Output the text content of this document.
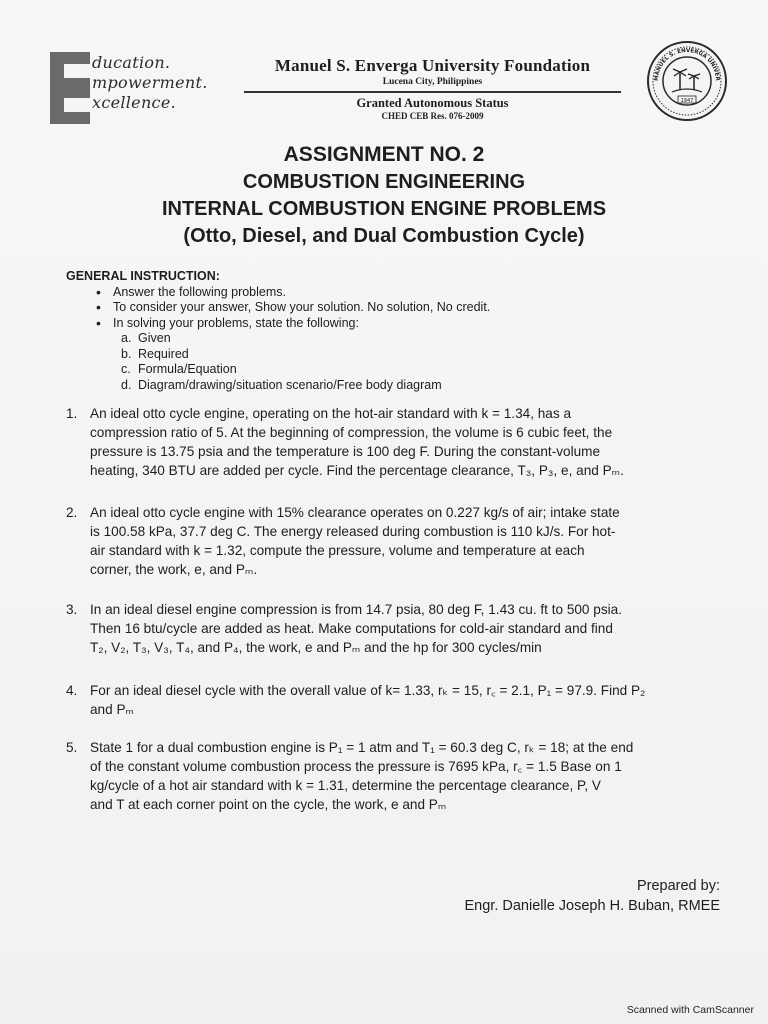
ducation.
mpowerment.
xcellence.
Manuel S. Enverga University Foundation
Lucena City, Philippines
Granted Autonomous Status
CHED CEB Res. 076-2009
MANUEL S. ENVERGA UNIVER
1947
ASSIGNMENT NO. 2
COMBUSTION ENGINEERING
INTERNAL COMBUSTION ENGINE PROBLEMS
(Otto, Diesel, and Dual Combustion Cycle)
GENERAL INSTRUCTION:
• Answer the following problems.
• To consider your answer, Show your solution. No solution, No credit.
• In solving your problems, state the following:
a. Given
b. Required
c. Formula/Equation
d. Diagram/drawing/situation scenario/Free body diagram
1. An ideal otto cycle engine, operating on the hot-air standard with k = 1.34, has a
compression ratio of 5. At the beginning of compression, the volume is 6 cubic feet, the
pressure is 13.75 psia and the temperature is 100 deg F. During the constant-volume
heating, 340 BTU are added per cycle. Find the percentage clearance, T₃, P₃, e, and Pₘ.
2. An ideal otto cycle engine with 15% clearance operates on 0.227 kg/s of air; intake state
is 100.58 kPa, 37.7 deg C. The energy released during combustion is 110 kJ/s. For hot-
air standard with k = 1.32, compute the pressure, volume and temperature at each
corner, the work, e, and Pₘ.
3. In an ideal diesel engine compression is from 14.7 psia, 80 deg F, 1.43 cu. ft to 500 psia.
Then 16 btu/cycle are added as heat. Make computations for cold-air standard and find
T₂, V₂, T₃, V₃, T₄, and P₄, the work, e and Pₘ and the hp for 300 cycles/min
4. For an ideal diesel cycle with the overall value of k= 1.33, rₖ = 15, r꜀ = 2.1, P₁ = 97.9. Find P₂
and Pₘ
5. State 1 for a dual combustion engine is P₁ = 1 atm and T₁ = 60.3 deg C, rₖ = 18; at the end
of the constant volume combustion process the pressure is 7695 kPa, r꜀ = 1.5 Base on 1
kg/cycle of a hot air standard with k = 1.31, determine the percentage clearance, P, V
and T at each corner point on the cycle, the work, e and Pₘ
Prepared by:
Engr. Danielle Joseph H. Buban, RMEE
Scanned with CamScanner
